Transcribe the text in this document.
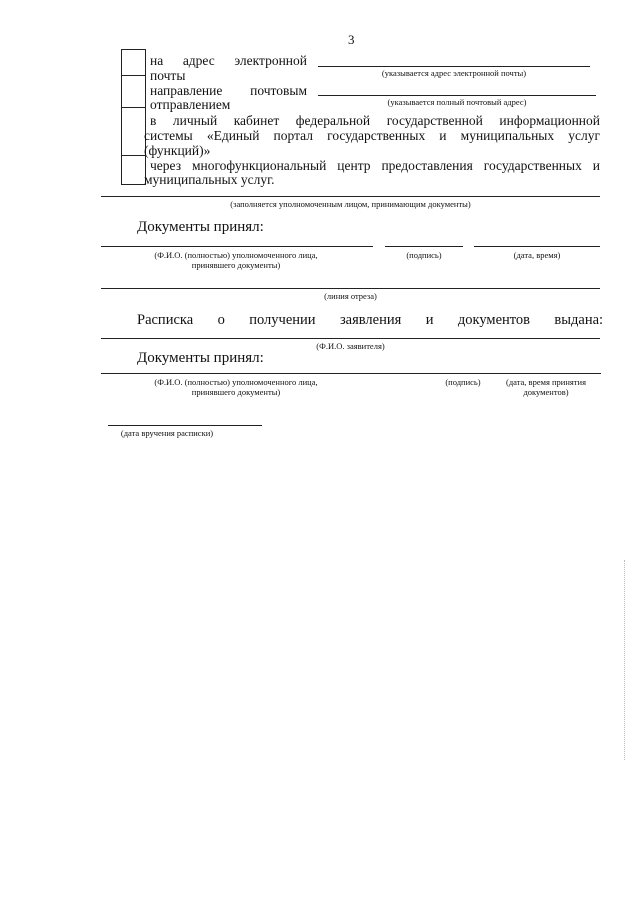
3
на адрес электронной
почты	(указывается адрес электронной почты)
направление почтовым
отправлением	(указывается полный почтовый адрес)
в личный кабинет федеральной государственной информационной
системы «Единый портал государственных и муниципальных услуг
(функций)»
через многофункциональный центр предоставления государственных и
муниципальных услуг.
(заполняется уполномоченным лицом, принимающим документы)
Документы принял:
(Ф.И.О. (полностью) уполномоченного лица,
принявшего документы)
(подпись)	(дата, время)
(линия отреза)
Расписка о получении заявления и документов выдана:
(Ф.И.О. заявителя)
Документы принял:
(Ф.И.О. (полностью) уполномоченного лица,
принявшего документы)
(подпись)	(дата, время принятия
документов)
(дата вручения расписки)
